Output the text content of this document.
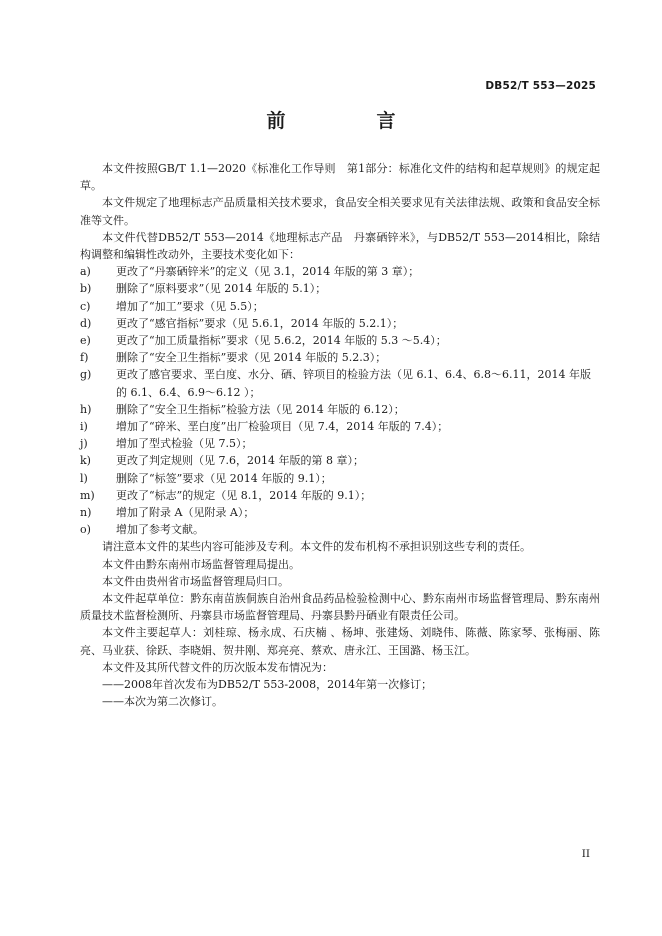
DB52/T 553—2025
前　言

本文件按照GB/T 1.1—2020《标准化工作导则　第1部分：标准化文件的结构和起草规则》的规定起草。

本文件规定了地理标志产品质量相关技术要求，食品安全相关要求见有关法律法规、政策和食品安全标准等文件。

本文件代替DB52/T 553—2014《地理标志产品　丹寨硒锌米》，与DB52/T 553—2014相比，除结构调整和编辑性改动外，主要技术变化如下：

a)	更改了“丹寨硒锌米”的定义（见 3.1，2014 年版的第 3 章）；
b)	删除了“原料要求”（见 2014 年版的 5.1）；
c)	增加了“加工”要求（见 5.5）；
d)	更改了“感官指标”要求（见 5.6.1，2014 年版的 5.2.1）；
e)	更改了“加工质量指标”要求（见 5.6.2，2014 年版的 5.3 ～5.4）；
f)	删除了“安全卫生指标”要求（见 2014 年版的 5.2.3）；
g)	更改了感官要求、垩白度、水分、硒、锌项目的检验方法（见 6.1、6.4、6.8～6.11，2014 年版的 6.1、6.4、6.9～6.12 ）；
h)	删除了“安全卫生指标”检验方法（见 2014 年版的 6.12）；
i)	增加了“碎米、垩白度”出厂检验项目（见 7.4，2014 年版的 7.4）；
j)	增加了型式检验（见 7.5）；
k)	更改了判定规则（见 7.6，2014 年版的第 8 章）；
l)	删除了“标签”要求（见 2014 年版的 9.1）；
m)	更改了“标志”的规定（见 8.1，2014 年版的 9.1）；
n)	增加了附录 A（见附录 A）；
o)	增加了参考文献。

请注意本文件的某些内容可能涉及专利。本文件的发布机构不承担识别这些专利的责任。

本文件由黔东南州市场监督管理局提出。

本文件由贵州省市场监督管理局归口。

本文件起草单位：黔东南苗族侗族自治州食品药品检验检测中心、黔东南州市场监督管理局、黔东南州质量技术监督检测所、丹寨县市场监督管理局、丹寨县黔丹硒业有限责任公司。

本文件主要起草人：刘桂琼、杨永成、石庆楠 、杨坤、张建炀、刘晓伟、陈薇、陈家琴、张梅丽、陈亮、马业获、徐跃、李晓娟、贺井刚、郑亮亮、蔡欢、唐永江、王国潞、杨玉江。

本文件及其所代替文件的历次版本发布情况为：

——2008年首次发布为DB52/T 553-2008，2014年第一次修订；

——本次为第二次修订。

II
